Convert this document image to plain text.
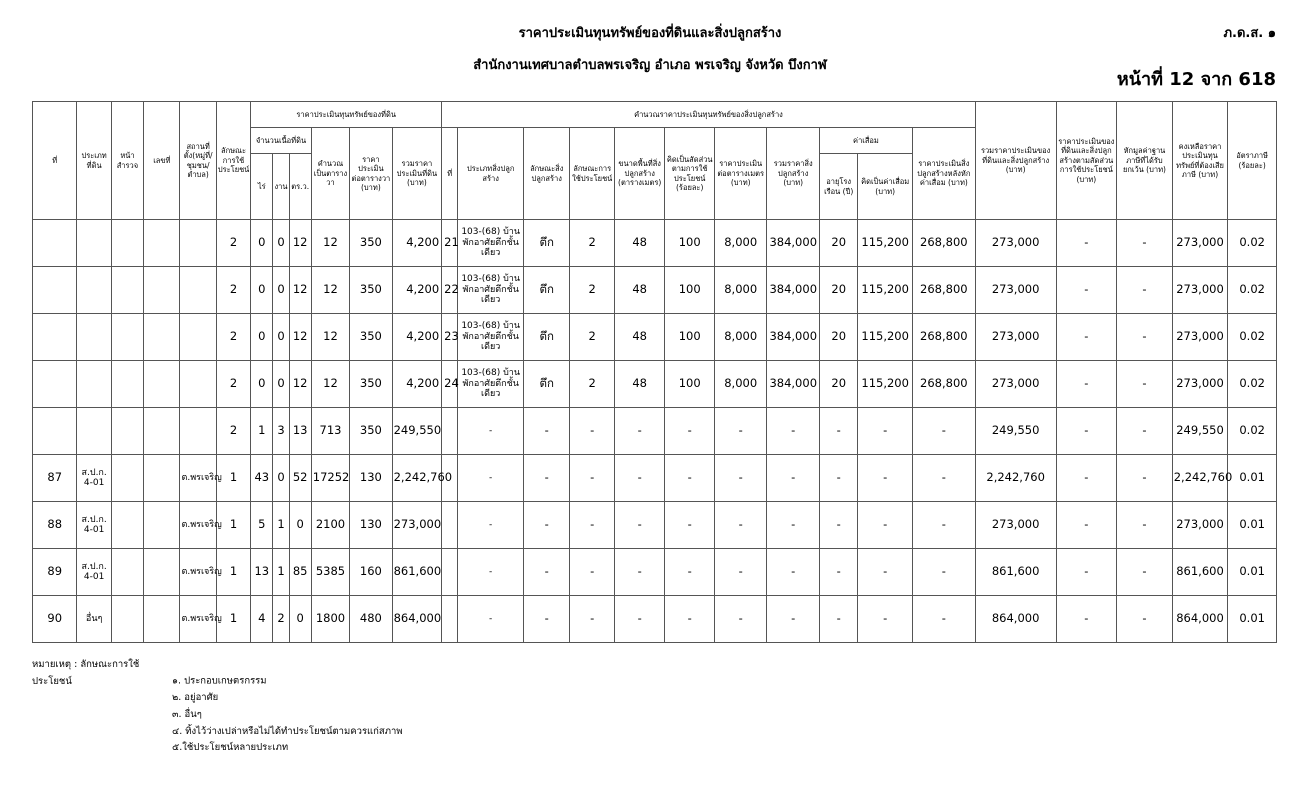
ราคาประเมินทุนทรัพย์ของที่ดินและสิ่งปลูกสร้าง
สำนักงานเทศบาลตำบลพรเจริญ อำเภอ พรเจริญ จังหวัด บึงกาฬ
ภ.ด.ส. ๑
หน้าที่ 12 จาก 618
ที่	ประเภทที่ดิน	หน้าสำรวจ	เลขที่	สถานที่ตั้ง(หมู่ที่/ชุมชน/ตำบล)	ลักษณะการใช้ประโยชน์	ราคาประเมินทุนทรัพย์ของที่ดิน						คำนวณราคาประเมินทุนทรัพย์ของสิ่งปลูกสร้าง											รวมราคาประเมินของที่ดินและสิ่งปลูกสร้าง (บาท)	ราคาประเมินของที่ดินและสิ่งปลูกสร้างตามสัดส่วนการใช้ประโยชน์ (บาท)	หักมูลค่าฐานภาษีที่ได้รับยกเว้น (บาท)	คงเหลือราคาประเมินทุนทรัพย์ที่ต้องเสียภาษี (บาท)	อัตราภาษี (ร้อยละ)
						จำนวนเนื้อที่ดิน			คำนวณเป็นตารางวา	ราคาประเมินต่อตารางวา (บาท)	รวมราคาประเมินที่ดิน (บาท)	ที่	ประเภทสิ่งปลูกสร้าง	ลักษณะสิ่งปลูกสร้าง	ลักษณะการใช้ประโยชน์	ขนาดพื้นที่สิ่งปลูกสร้าง (ตารางเมตร)	คิดเป็นสัดส่วนตามการใช้ประโยชน์ (ร้อยละ)	ราคาประเมินต่อตารางเมตร (บาท)	รวมราคาสิ่งปลูกสร้าง (บาท)	ค่าเสื่อม		ราคาประเมินสิ่งปลูกสร้างหลังหักค่าเสื่อม (บาท)					
						ไร่	งาน	ตร.ว.												อายุโรงเรือน (ปี)	คิดเป็นค่าเสื่อม (บาท)						
					2	0	0	12	12	350	4,200	21	103-(68) บ้านพักอาศัยตึกชั้นเดียว	ตึก	2	48	100	8,000	384,000	20	115,200	268,800	273,000	-	-	273,000	0.02
					2	0	0	12	12	350	4,200	22	103-(68) บ้านพักอาศัยตึกชั้นเดียว	ตึก	2	48	100	8,000	384,000	20	115,200	268,800	273,000	-	-	273,000	0.02
					2	0	0	12	12	350	4,200	23	103-(68) บ้านพักอาศัยตึกชั้นเดียว	ตึก	2	48	100	8,000	384,000	20	115,200	268,800	273,000	-	-	273,000	0.02
					2	0	0	12	12	350	4,200	24	103-(68) บ้านพักอาศัยตึกชั้นเดียว	ตึก	2	48	100	8,000	384,000	20	115,200	268,800	273,000	-	-	273,000	0.02
					2	1	3	13	713	350	249,550		-	-	-	-	-	-	-	-	-	-	249,550	-	-	249,550	0.02
87	ส.ป.ก. 4-01			ต.พรเจริญ	1	43	0	52	17252	130	2,242,760		-	-	-	-	-	-	-	-	-	-	2,242,760	-	-	2,242,760	0.01
88	ส.ป.ก. 4-01			ต.พรเจริญ	1	5	1	0	2100	130	273,000		-	-	-	-	-	-	-	-	-	-	273,000	-	-	273,000	0.01
89	ส.ป.ก. 4-01			ต.พรเจริญ	1	13	1	85	5385	160	861,600		-	-	-	-	-	-	-	-	-	-	861,600	-	-	861,600	0.01
90	อื่นๆ			ต.พรเจริญ	1	4	2	0	1800	480	864,000		-	-	-	-	-	-	-	-	-	-	864,000	-	-	864,000	0.01
หมายเหตุ : ลักษณะการใช้ประโยชน์	๑. ประกอบเกษตรกรรม
๒. อยู่อาศัย
๓. อื่นๆ
๔. ทิ้งไว้ว่างเปล่าหรือไม่ได้ทำประโยชน์ตามควรแก่สภาพ
๕.ใช้ประโยชน์หลายประเภท
